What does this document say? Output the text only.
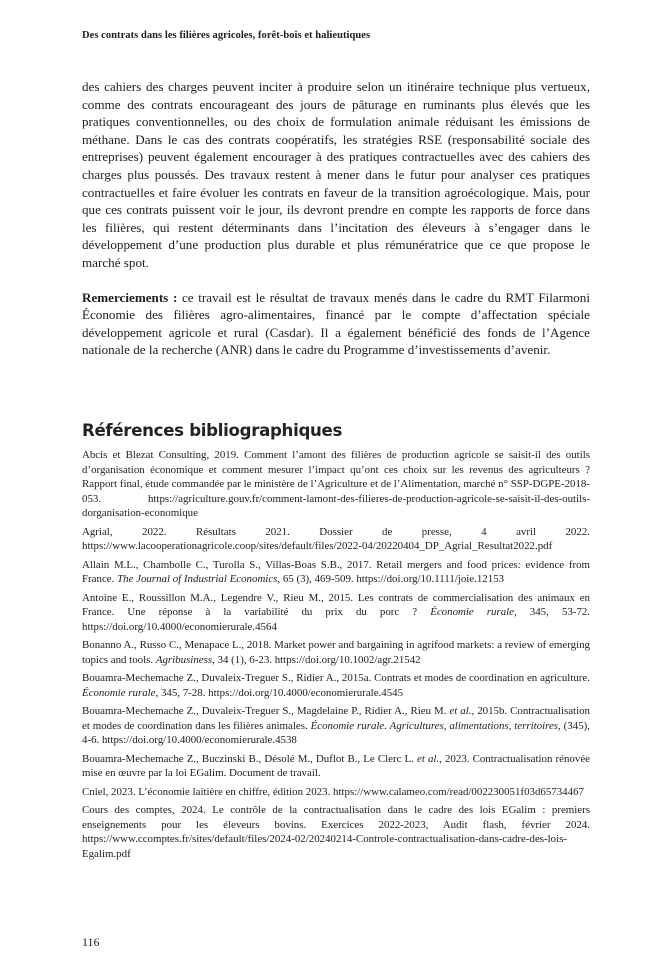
Des contrats dans les filières agricoles, forêt-bois et halieutiques

des cahiers des charges peuvent inciter à produire selon un itinéraire technique plus vertueux, comme des contrats encourageant des jours de pâturage en ruminants plus élevés que les pratiques conventionnelles, ou des choix de formulation animale réduisant les émissions de méthane. Dans le cas des contrats coopératifs, les stratégies RSE (responsabilité sociale des entreprises) peuvent également encourager à des pratiques contractuelles avec des cahiers des charges plus poussés. Des travaux restent à mener dans le futur pour analyser ces pratiques contractuelles et faire évoluer les contrats en faveur de la transition agroécologique. Mais, pour que ces contrats puissent voir le jour, ils devront prendre en compte les rapports de force dans les filières, qui restent déterminants dans l’incitation des éleveurs à s’engager dans le développement d’une production plus durable et plus rémunératrice que ce que propose le marché spot.

Remerciements : ce travail est le résultat de travaux menés dans le cadre du RMT Filarmoni Économie des filières agro-alimentaires, financé par le compte d’affectation spéciale développement agricole et rural (Casdar). Il a également bénéficié des fonds de l’Agence nationale de la recherche (ANR) dans le cadre du Programme d’investissements d’avenir.

Références bibliographiques

Abcis et Blezat Consulting, 2019. Comment l’amont des filières de production agricole se saisit-il des outils d’organisation économique et comment mesurer l’impact qu’ont ces choix sur les revenus des agriculteurs ? Rapport final, étude commandée par le ministère de l’Agriculture et de l’Alimentation, marché n° SSP-DGPE-2018-053. https://agriculture.gouv.fr/comment-lamont-des-filieres-de-production-agricole-se-saisit-il-des-outils-dorganisation-economique

Agrial, 2022. Résultats 2021. Dossier de presse, 4 avril 2022. https://www.lacooperationagricole.coop/sites/default/files/2022-04/20220404_DP_Agrial_Resultat2022.pdf

Allain M.L., Chambolle C., Turolla S., Villas-Boas S.B., 2017. Retail mergers and food prices: evidence from France. The Journal of Industrial Economics, 65 (3), 469-509. https://doi.org/10.1111/joie.12153

Antoine E., Roussillon M.A., Legendre V., Rieu M., 2015. Les contrats de commercialisation des animaux en France. Une réponse à la variabilité du prix du porc ? Économie rurale, 345, 53-72. https://doi.org/10.4000/economierurale.4564

Bonanno A., Russo C., Menapace L., 2018. Market power and bargaining in agrifood markets: a review of emerging topics and tools. Agribusiness, 34 (1), 6-23. https://doi.org/10.1002/agr.21542

Bouamra-Mechemache Z., Duvaleix-Treguer S., Ridier A., 2015a. Contrats et modes de coordination en agriculture. Économie rurale, 345, 7-28. https://doi.org/10.4000/economierurale.4545

Bouamra-Mechemache Z., Duvaleix-Treguer S., Magdelaine P., Ridier A., Rieu M. et al., 2015b. Contractualisation et modes de coordination dans les filières animales. Économie rurale. Agricultures, alimentations, territoires, (345), 4-6. https://doi.org/10.4000/economierurale.4538

Bouamra-Mechemache Z., Buczinski B., Désolé M., Duflot B., Le Clerc L. et al., 2023. Contractualisation rénovée mise en œuvre par la loi EGalim. Document de travail.

Cniel, 2023. L’économie laitière en chiffre, édition 2023. https://www.calameo.com/read/002230051f03d65734467

Cours des comptes, 2024. Le contrôle de la contractualisation dans le cadre des lois EGalim : premiers enseignements pour les éleveurs bovins. Exercices 2022-2023, Audit flash, février 2024. https://www.ccomptes.fr/sites/default/files/2024-02/20240214-Controle-contractualisation-dans-cadre-des-lois-Egalim.pdf

116
